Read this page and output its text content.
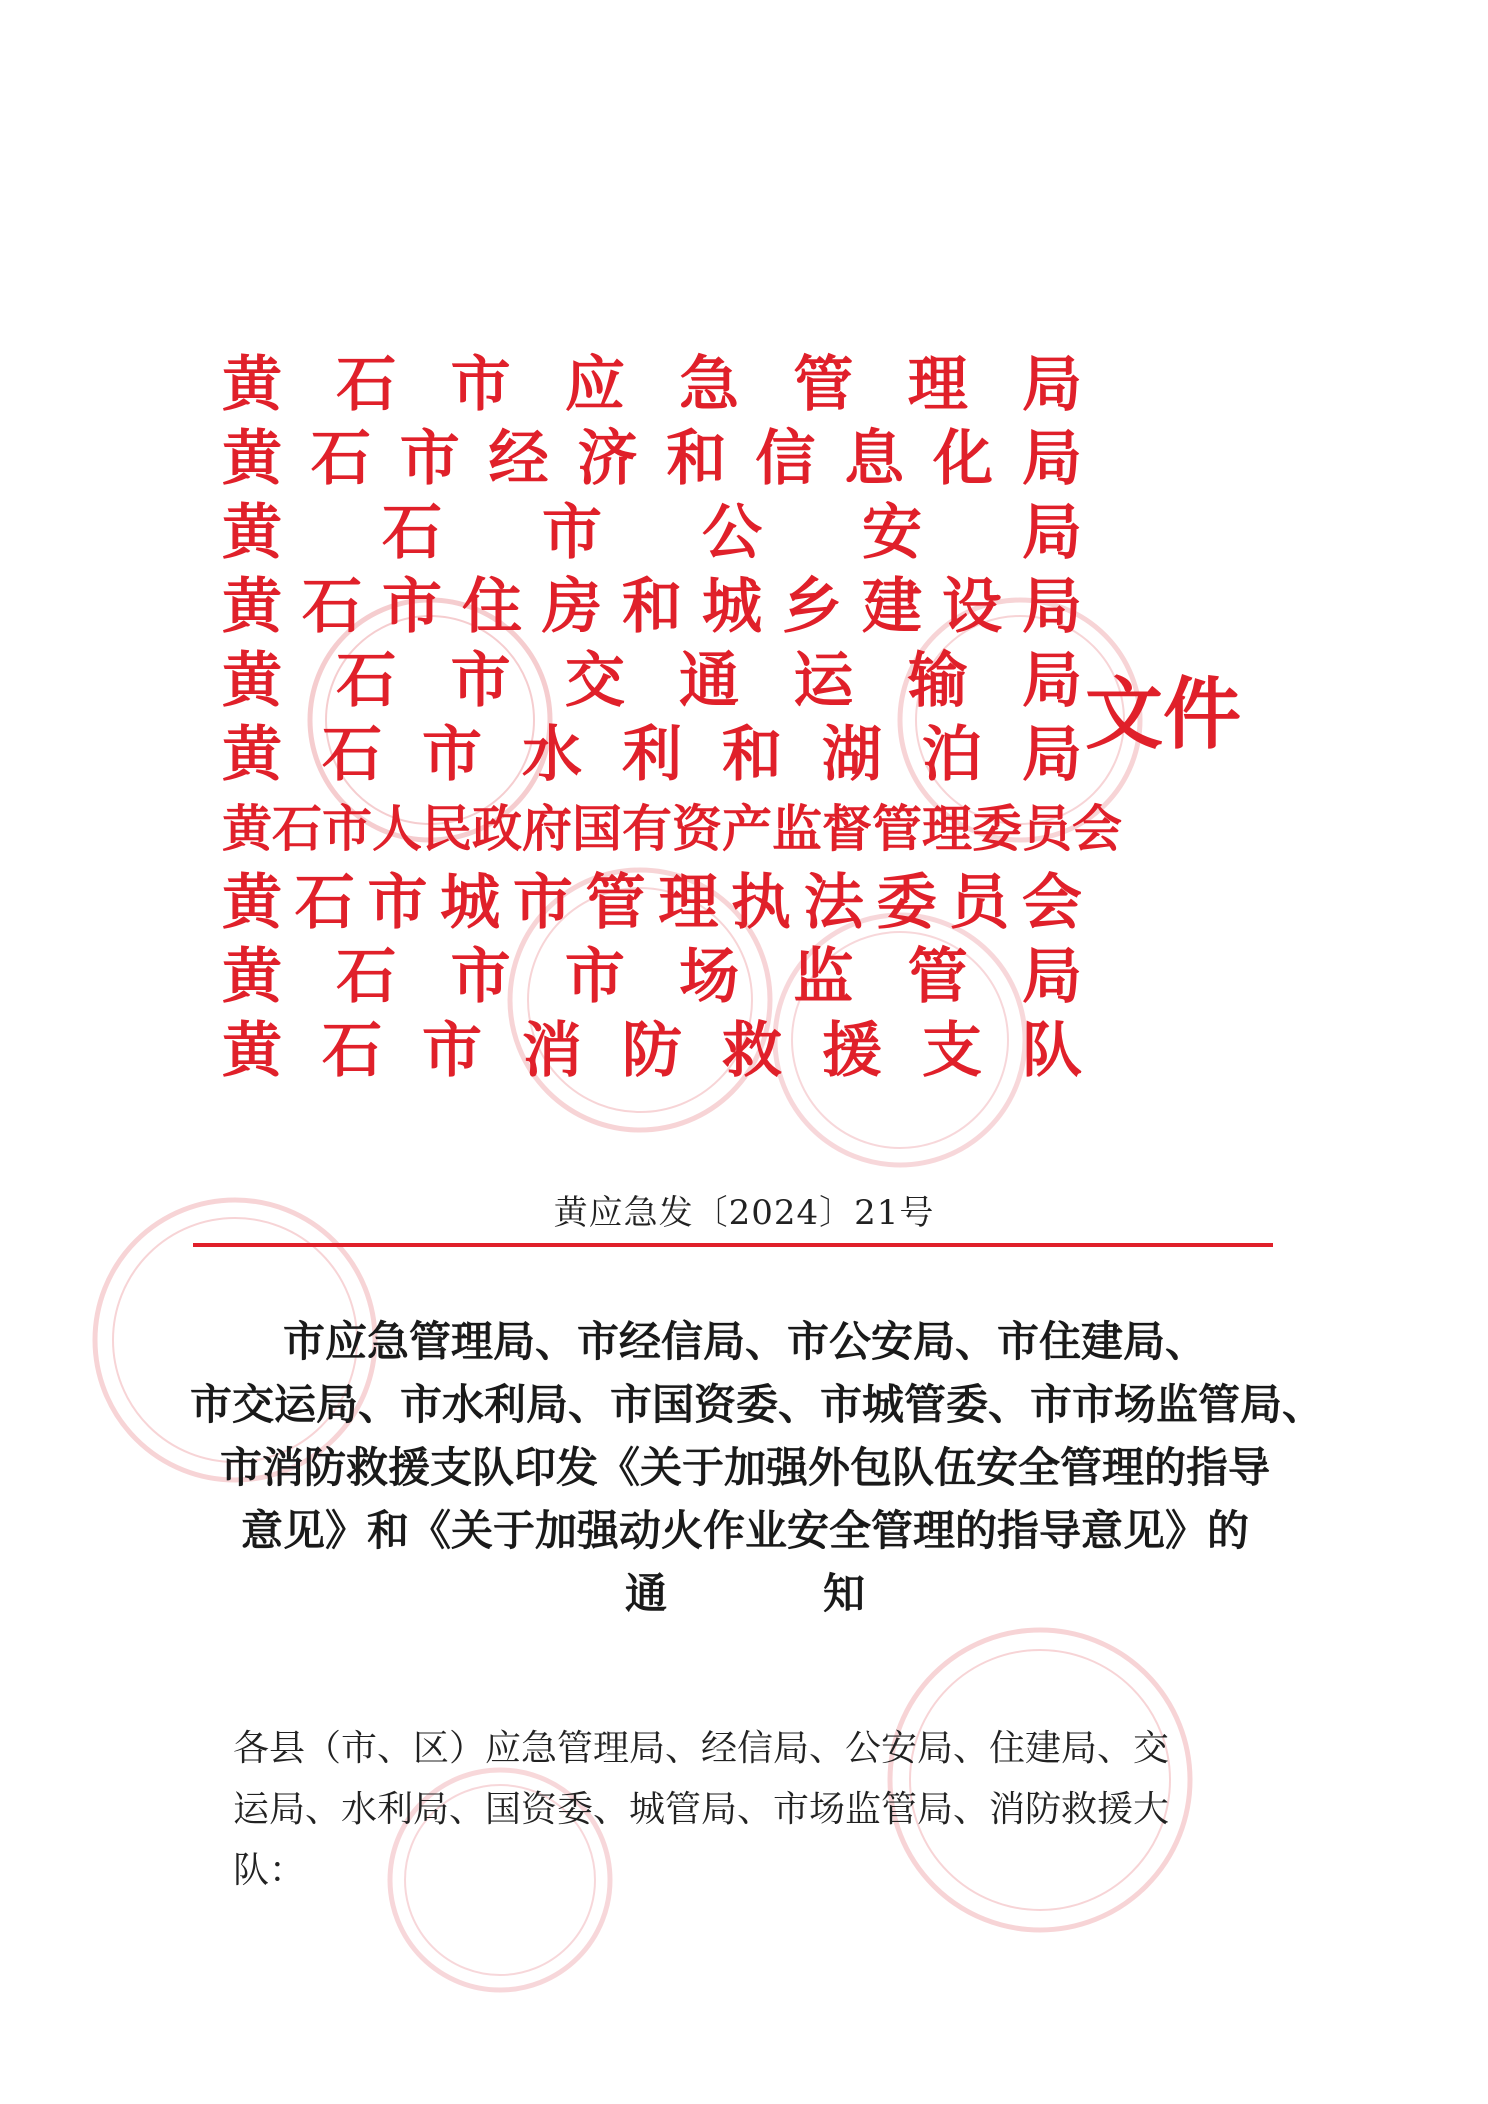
黄 石 市 应 急 管 理 局
黄 石 市 经 济 和 信 息 化 局
黄 石 市 公 安 局
黄 石 市 住 房 和 城 乡 建 设 局
黄 石 市 交 通 运 输 局
黄 石 市 水 利 和 湖 泊 局
黄 石 市 人 民 政 府 国 有 资 产 监 督 管 理 委 员 会
黄 石 市 城 市 管 理 执 法 委 员 会
黄 石 市 市 场 监 管 局
黄 石 市 消 防 救 援 支 队
文件
黄应急发〔2024〕21号
市应急管理局、市经信局、市公安局、市住建局、
市交运局、市水利局、市国资委、市城管委、市市场监管局、
市消防救援支队印发《关于加强外包队伍安全管理的指导
意见》和《关于加强动火作业安全管理的指导意见》的
通	知
各县（市、区）应急管理局、经信局、公安局、住建局、交
运局、水利局、国资委、城管局、市场监管局、消防救援大
队：
